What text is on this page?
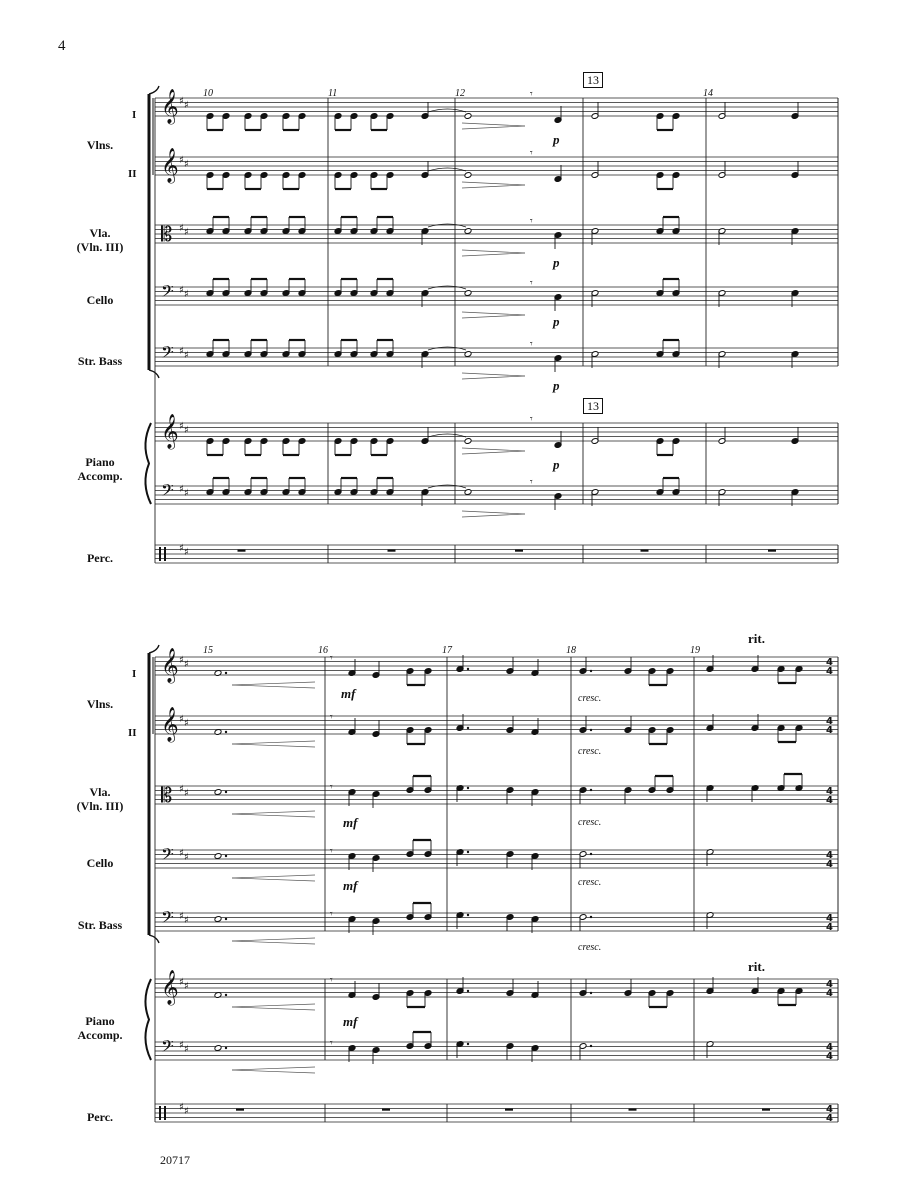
4
20717
Vlns.
I
II
Vla.
(Vln. III)
Cello
Str. Bass
Piano
Accomp.
Perc.
Vlns.
I
II
Vla.
(Vln. III)
Cello
Str. Bass
Piano
Accomp.
Perc.
10	11	12	14
15	16	17	18	19
13
13
rit.
rit.
p
p
p
p
p
mf
mf
mf
mf
cresc.
cresc.
cresc.
cresc.
cresc.
𝄞 ♯ ♯
𝄞 ♯ ♯
𝄡 ♯ ♯
𝄢 ♯ ♯
𝄢 ♯ ♯
𝄞 ♯ ♯
𝄢 ♯ ♯
♯ ♯
𝄾
𝄾
𝄾
𝄾
𝄾
𝄾
𝄾
𝄞 ♯ ♯
𝄞 ♯ ♯
𝄡 ♯ ♯
𝄢 ♯ ♯
𝄢 ♯ ♯
𝄞 ♯ ♯
𝄢 ♯ ♯
♯ ♯
𝄾
𝄾
𝄾
𝄾
𝄾
𝄾
𝄾
4
4
4
4
4
4
4
4
4
4
4
4
4
4
4
4
